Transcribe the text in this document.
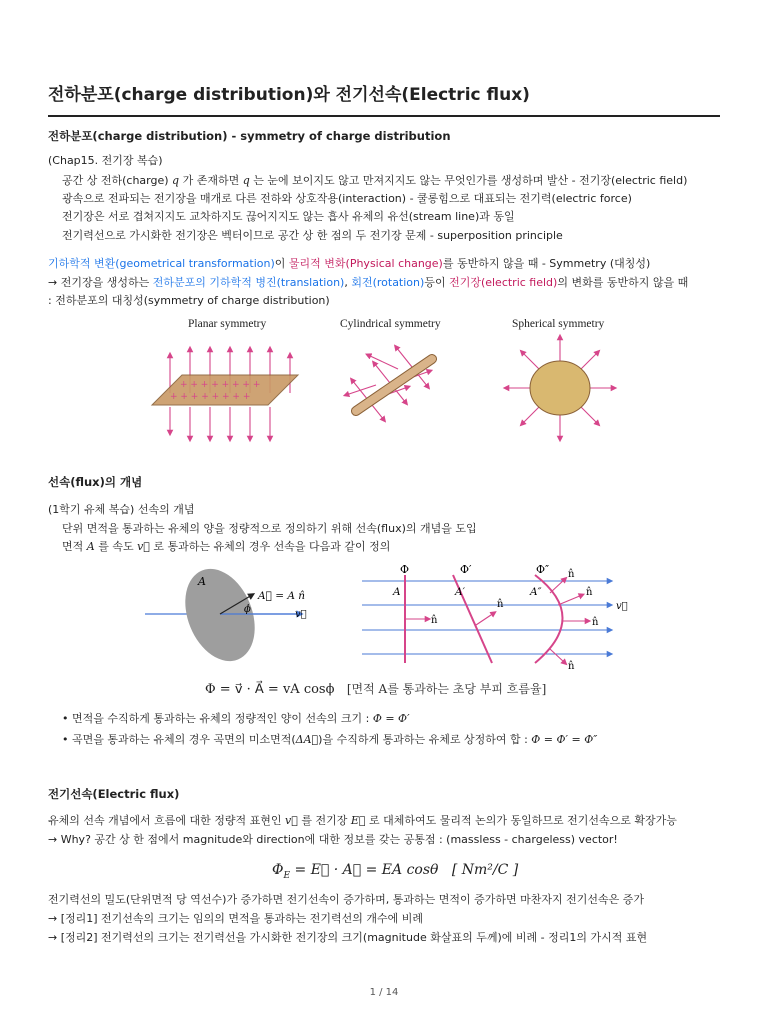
전하분포(charge distribution)와 전기선속(Electric flux)
전하분포(charge distribution) - symmetry of charge distribution
(Chap15. 전기장 복습)
공간 상 전하(charge) q 가 존재하면 q 는 눈에 보이지도 않고 만져지지도 않는 무엇인가를 생성하며 발산 - 전기장(electric field)
광속으로 전파되는 전기장을 매개로 다른 전하와 상호작용(interaction) - 쿨롱힘으로 대표되는 전기력(electric force)
전기장은 서로 겹쳐지지도 교차하지도 끊어지지도 않는 흡사 유체의 유선(stream line)과 동일
전기력선으로 가시화한 전기장은 벡터이므로 공간 상 한 점의 두 전기장 문제 - superposition principle
기하학적 변환(geometrical transformation)이 물리적 변화(Physical change)를 동반하지 않을 때 - Symmetry (대칭성)
→ 전기장을 생성하는 전하분포의 기하학적 병진(translation), 회전(rotation)등이 전기장(electric field)의 변화를 동반하지 않을 때
: 전하분포의 대칭성(symmetry of charge distribution)
Planar symmetry	Cylindrical symmetry	Spherical symmetry
+ + + + + + + +
+ + + + + + + +
선속(flux)의 개념
(1학기 유체 복습) 선속의 개념
단위 면적을 통과하는 유체의 양을 정량적으로 정의하기 위해 선속(flux)의 개념을 도입
면적 A 를 속도 v⃗ 로 통과하는 유체의 경우 선속을 다음과 같이 정의
A
A⃗ = A n̂
ϕ	v⃗
Φ	Φ′	Φ″
A	A′	A″
n̂
n̂
n̂
n̂
n̂
n̂
v⃗
Φ = v⃗ · A⃗ = vA cosϕ [면적 A를 통과하는 초당 부피 흐름율]
• 면적을 수직하게 통과하는 유체의 정량적인 양이 선속의 크기 : Φ = Φ′
• 곡면을 통과하는 유체의 경우 곡면의 미소면적(ΔA⃗)을 수직하게 통과하는 유체로 상정하여 합 : Φ = Φ′ = Φ″
전기선속(Electric flux)
유체의 선속 개념에서 흐름에 대한 정량적 표현인 v⃗ 를 전기장 E⃗ 로 대체하여도 물리적 논의가 동일하므로 전기선속으로 확장가능
→ Why? 공간 상 한 점에서 magnitude와 direction에 대한 정보를 갖는 공통점 : (massless - chargeless) vector!
$\Phi_E$ = E⃗ · A⃗ = EA cosθ [ Nm²/C ]
전기력선의 밀도(단위면적 당 역선수)가 증가하면 전기선속이 증가하며, 통과하는 면적이 증가하면 마찬자지 전기선속은 증가
→ [정리1] 전기선속의 크기는 임의의 면적을 통과하는 전기력선의 개수에 비례
→ [정리2] 전기력선의 크기는 전기력선을 가시화한 전기장의 크기(magnitude 화살표의 두께)에 비례 - 정리1의 가시적 표현
1 / 14
